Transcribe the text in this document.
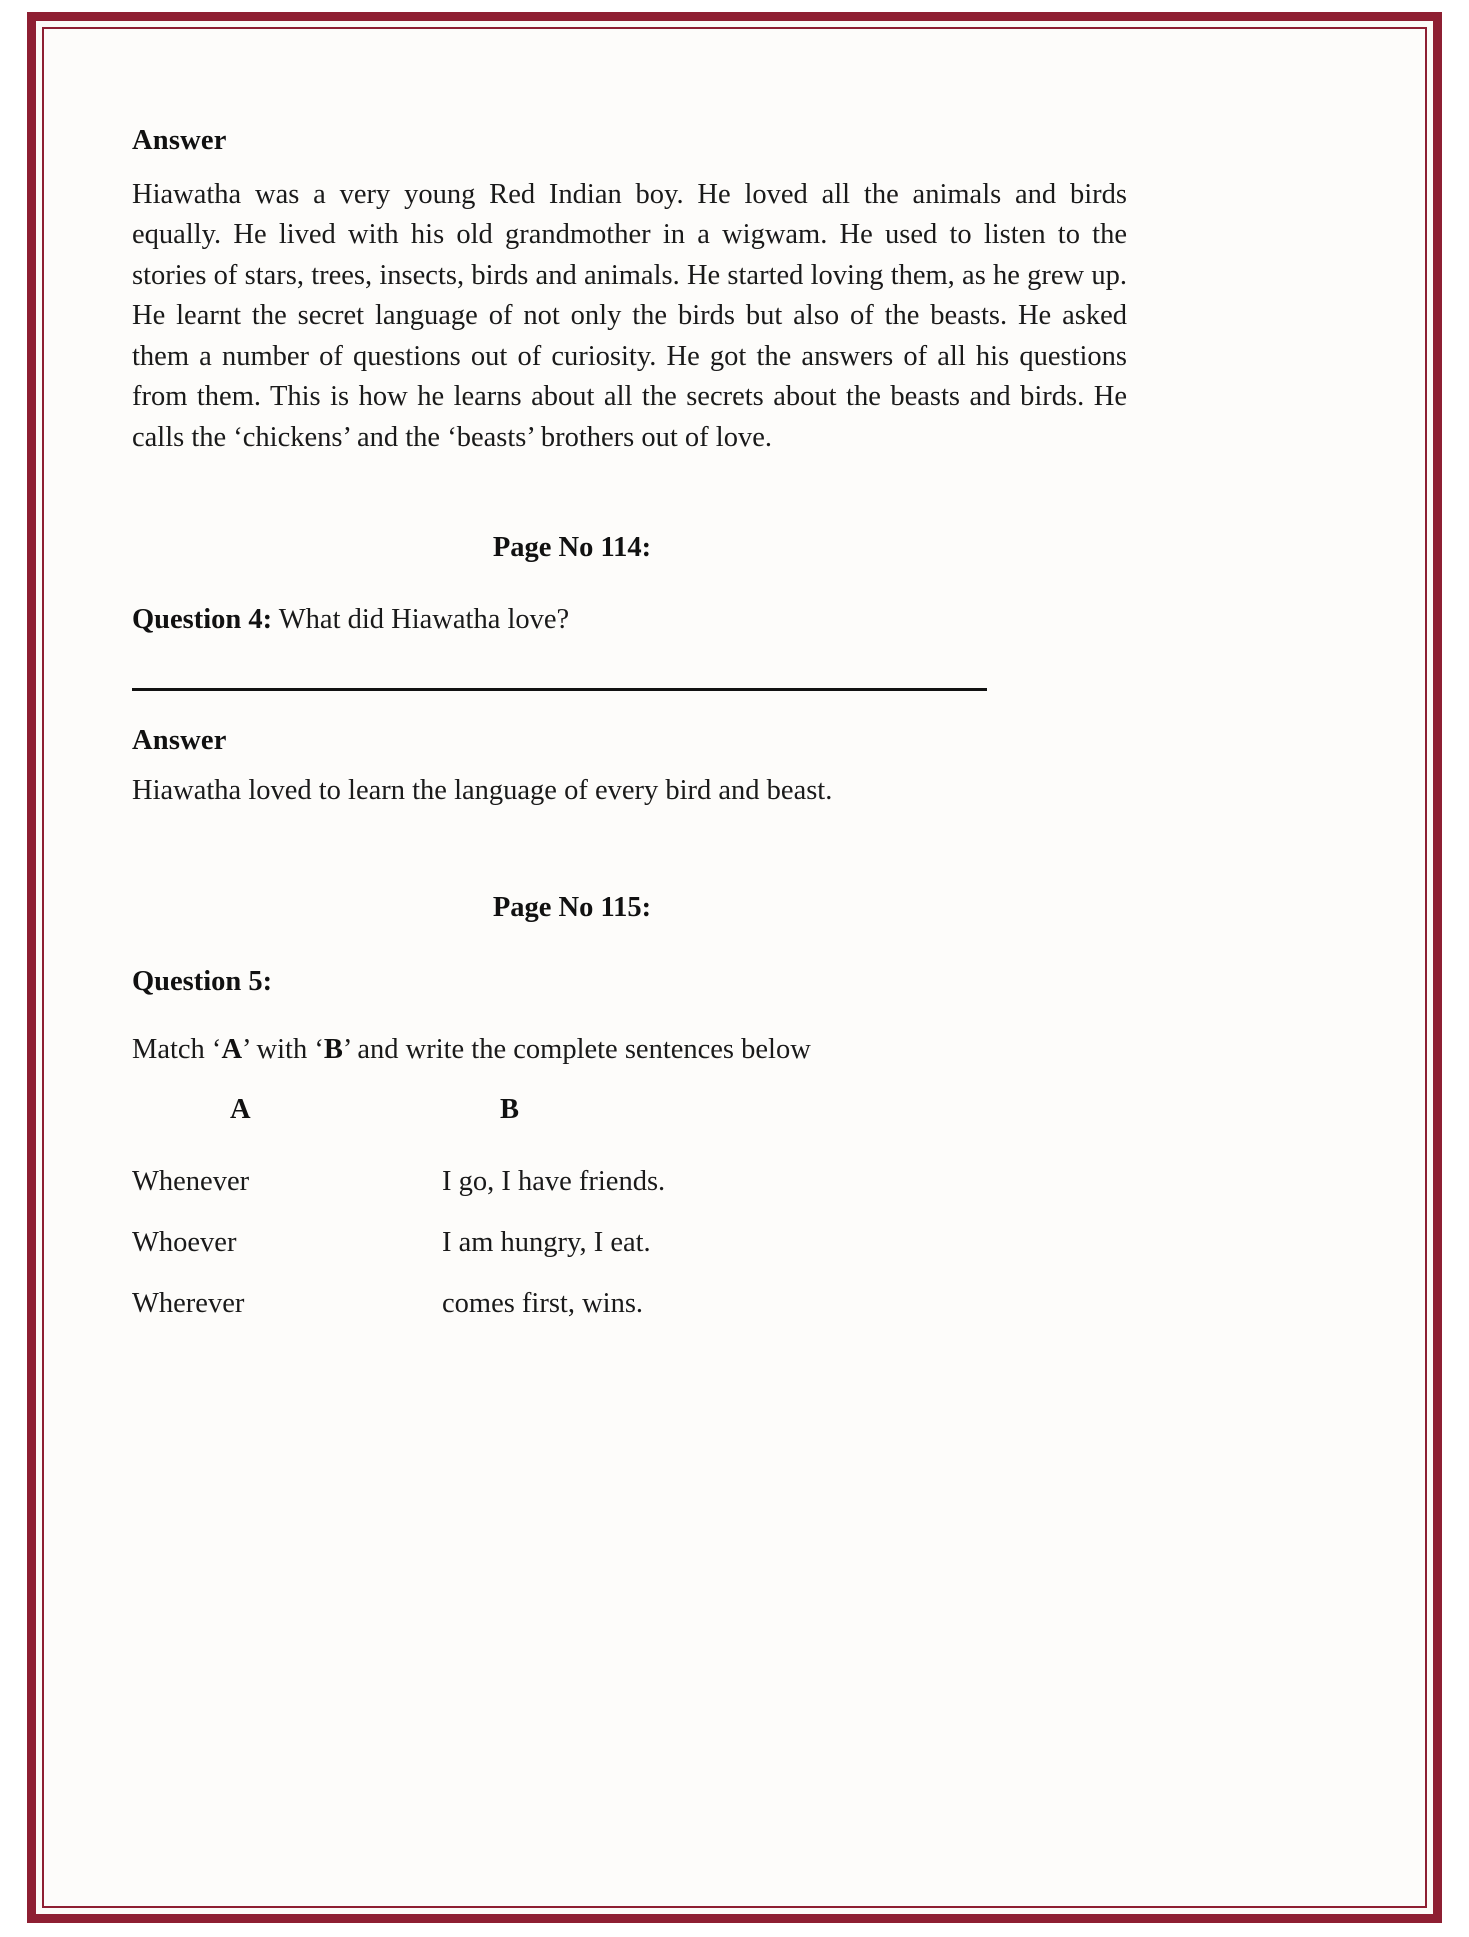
Answer

Hiawatha was a very young Red Indian boy. He loved all the animals and birds equally. He lived with his old grandmother in a wigwam. He used to listen to the stories of stars, trees, insects, birds and animals. He started loving them, as he grew up. He learnt the secret language of not only the birds but also of the beasts. He asked them a number of questions out of curiosity. He got the answers of all his questions from them. This is how he learns about all the secrets about the beasts and birds. He calls the ‘chickens’ and the ‘beasts’ brothers out of love.

Page No 114:

Question 4: What did Hiawatha love?

Answer

Hiawatha loved to learn the language of every bird and beast.

Page No 115:

Question 5:

Match ‘A’ with ‘B’ and write the complete sentences below

A	B
Whenever	I go, I have friends.
Whoever	I am hungry, I eat.
Wherever	comes first, wins.
